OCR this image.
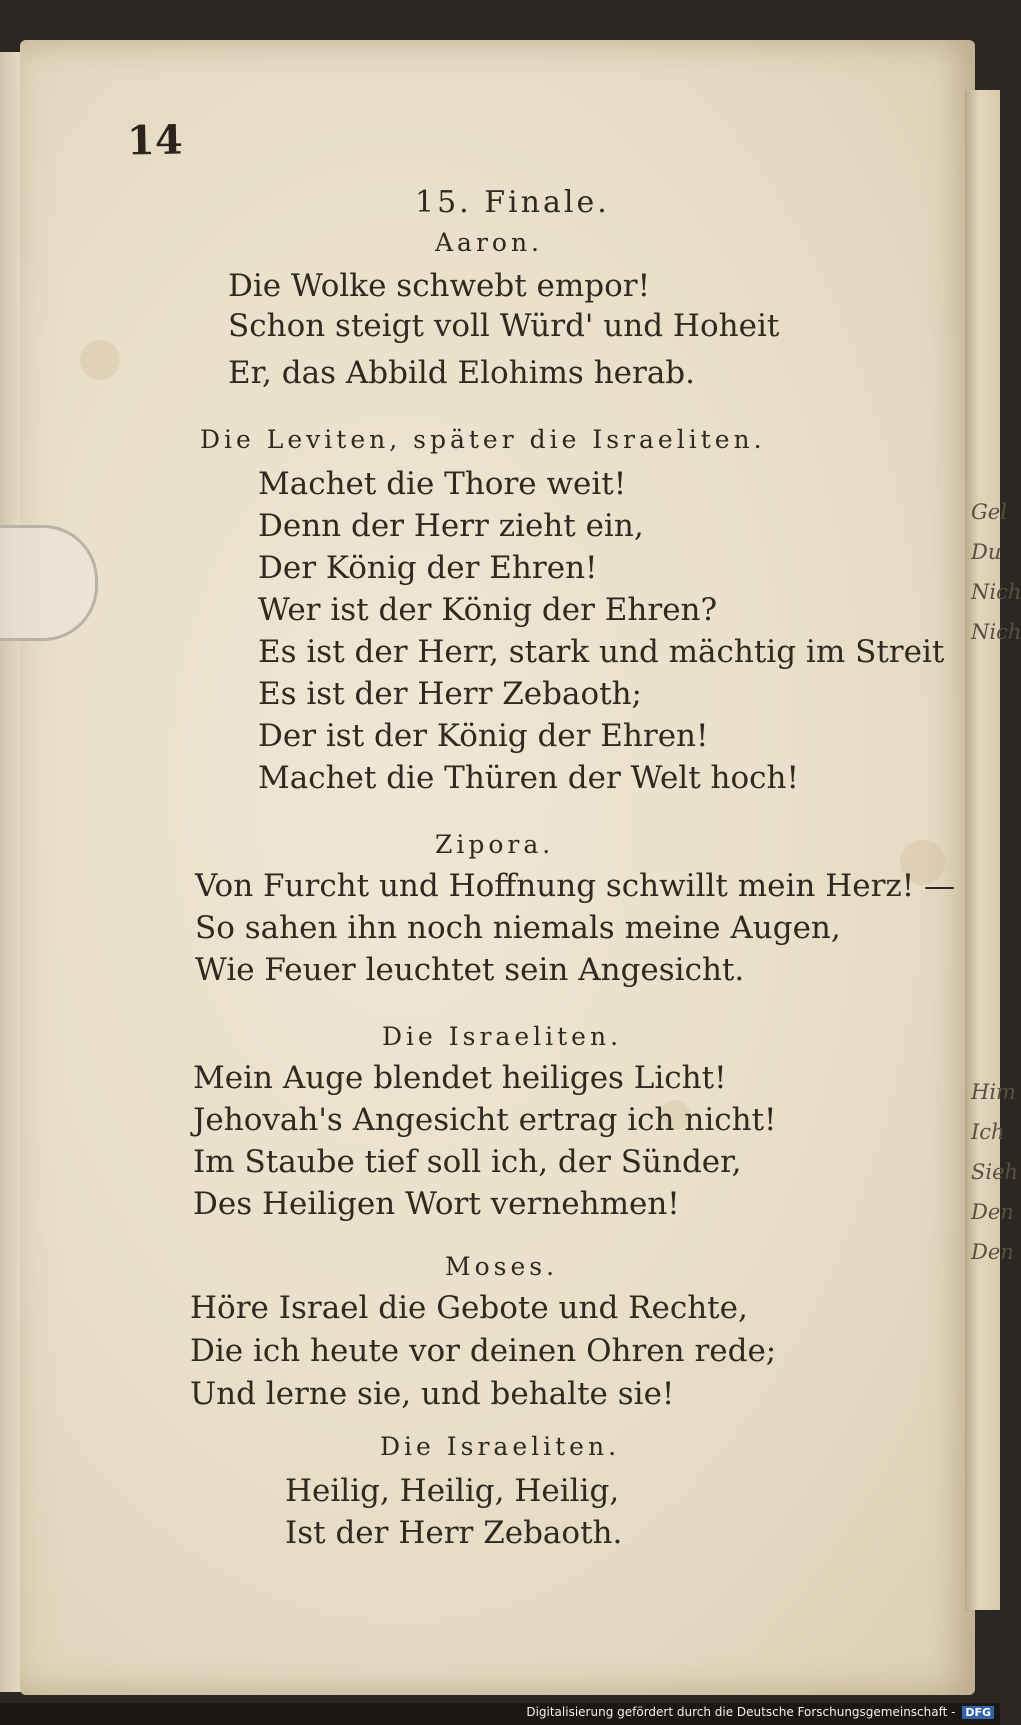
Gel
Du
Nich
Nich
Him
Ich
Sieh
Den
Den
14
15. Finale.
Aaron.
Die Wolke schwebt empor!
Schon steigt voll Würd' und Hoheit
Er, das Abbild Elohims herab.
Die Leviten, später die Israeliten.
Machet die Thore weit!
Denn der Herr zieht ein,
Der König der Ehren!
Wer ist der König der Ehren?
Es ist der Herr, stark und mächtig im Streit
Es ist der Herr Zebaoth;
Der ist der König der Ehren!
Machet die Thüren der Welt hoch!
Zipora.
Von Furcht und Hoffnung schwillt mein Herz! —
So sahen ihn noch niemals meine Augen,
Wie Feuer leuchtet sein Angesicht.
Die Israeliten.
Mein Auge blendet heiliges Licht!
Jehovah's Angesicht ertrag ich nicht!
Im Staube tief soll ich, der Sünder,
Des Heiligen Wort vernehmen!
Moses.
Höre Israel die Gebote und Rechte,
Die ich heute vor deinen Ohren rede;
Und lerne sie, und behalte sie!
Die Israeliten.
Heilig, Heilig, Heilig,
Ist der Herr Zebaoth.
Digitalisierung gefördert durch die Deutsche Forschungsgemeinschaft - DFG
